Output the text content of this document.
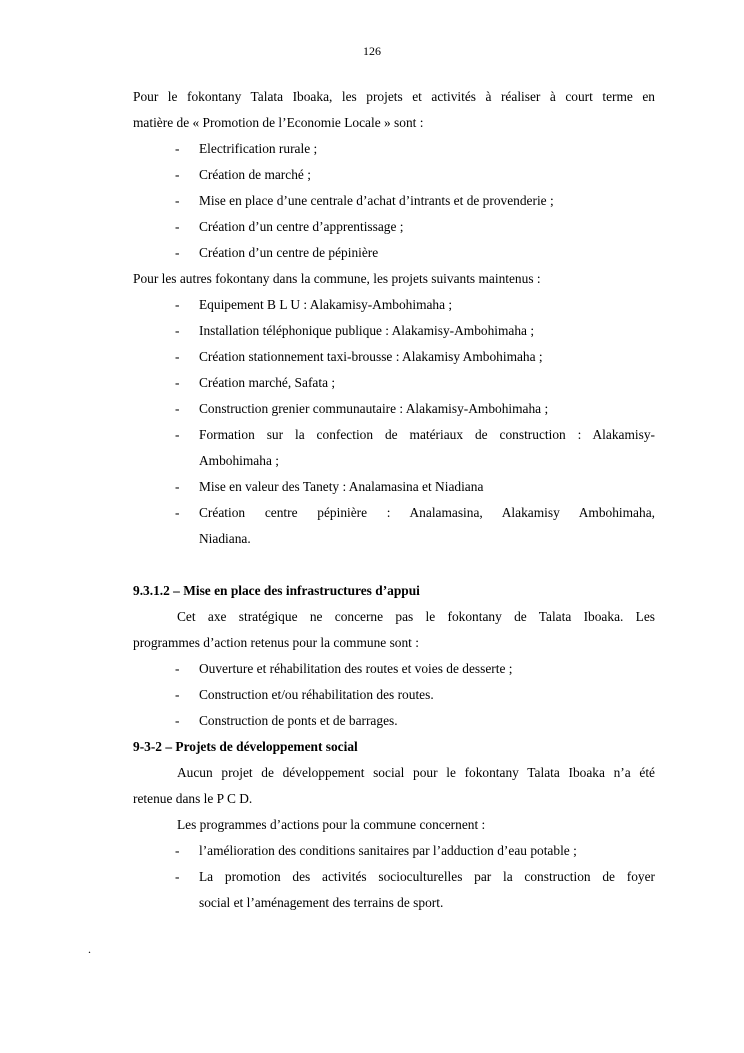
126

Pour le fokontany Talata Iboaka, les projets et activités à réaliser à court terme en

matière de « Promotion de l’Economie Locale » sont :

- Electrification rurale ;
- Création de marché ;
- Mise en place d’une centrale d’achat d’intrants et de provenderie ;
- Création d’un centre d’apprentissage ;
- Création d’un centre de pépinière

Pour les autres fokontany dans la commune, les projets suivants maintenus :

- Equipement B L U : Alakamisy-Ambohimaha ;
- Installation téléphonique publique : Alakamisy-Ambohimaha ;
- Création stationnement taxi-brousse : Alakamisy Ambohimaha ;
- Création marché, Safata ;
- Construction grenier communautaire : Alakamisy-Ambohimaha ;
- Formation sur la confection de matériaux de construction : Alakamisy-
Ambohimaha ;
- Mise en valeur des Tanety : Analamasina et Niadiana
- Création centre pépinière : Analamasina, Alakamisy Ambohimaha,
Niadiana.

9.3.1.2 – Mise en place des infrastructures d’appui

Cet axe stratégique ne concerne pas le fokontany de Talata Iboaka. Les

programmes d’action retenus pour la commune sont :

- Ouverture et réhabilitation des routes et voies de desserte ;
- Construction et/ou réhabilitation des routes.
- Construction de ponts et de barrages.

9-3-2 – Projets de développement social

Aucun projet de développement social pour le fokontany Talata Iboaka n’a été

retenue dans le P C D.

Les programmes d’actions pour la commune concernent :

- l’amélioration des conditions sanitaires par l’adduction d’eau potable ;
- La promotion des activités socioculturelles par la construction de foyer
social et l’aménagement des terrains de sport.
.
